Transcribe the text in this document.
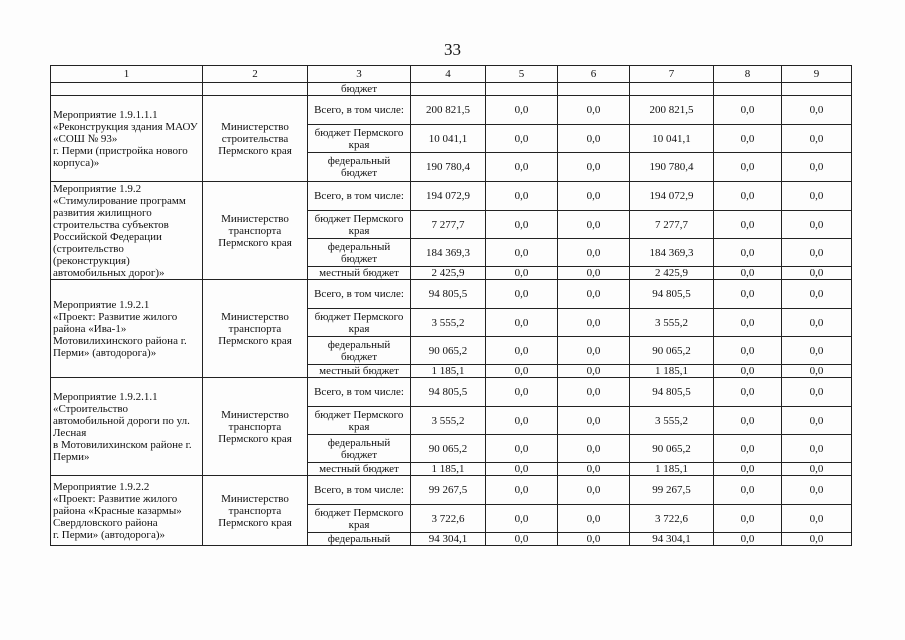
33
1	2	3	4	5	6	7	8	9
		бюджет						
Мероприятие 1.9.1.1.1
«Реконструкция здания МАОУ «СОШ № 93»
г. Перми (пристройка нового корпуса)»	Министерство строительства Пермского края	Всего, в том числе:	200 821,5	0,0	0,0	200 821,5	0,0	0,0
		бюджет Пермского края	10 041,1	0,0	0,0	10 041,1	0,0	0,0
		федеральный бюджет	190 780,4	0,0	0,0	190 780,4	0,0	0,0
Мероприятие 1.9.2
«Стимулирование программ развития жилищного строительства субъектов Российской Федерации (строительство (реконструкция) автомобильных дорог)»	Министерство транспорта Пермского края	Всего, в том числе:	194 072,9	0,0	0,0	194 072,9	0,0	0,0
		бюджет Пермского края	7 277,7	0,0	0,0	7 277,7	0,0	0,0
		федеральный бюджет	184 369,3	0,0	0,0	184 369,3	0,0	0,0
		местный бюджет	2 425,9	0,0	0,0	2 425,9	0,0	0,0
Мероприятие 1.9.2.1
«Проект: Развитие жилого района «Ива-1» Мотовилихинского района г. Перми» (автодорога)»	Министерство транспорта Пермского края	Всего, в том числе:	94 805,5	0,0	0,0	94 805,5	0,0	0,0
		бюджет Пермского края	3 555,2	0,0	0,0	3 555,2	0,0	0,0
		федеральный бюджет	90 065,2	0,0	0,0	90 065,2	0,0	0,0
		местный бюджет	1 185,1	0,0	0,0	1 185,1	0,0	0,0
Мероприятие 1.9.2.1.1
«Строительство автомобильной дороги по ул. Лесная
в Мотовилихинском районе г. Перми»	Министерство транспорта Пермского края	Всего, в том числе:	94 805,5	0,0	0,0	94 805,5	0,0	0,0
		бюджет Пермского края	3 555,2	0,0	0,0	3 555,2	0,0	0,0
		федеральный бюджет	90 065,2	0,0	0,0	90 065,2	0,0	0,0
		местный бюджет	1 185,1	0,0	0,0	1 185,1	0,0	0,0
Мероприятие 1.9.2.2
«Проект: Развитие жилого района «Красные казармы» Свердловского района
г. Перми» (автодорога)»	Министерство транспорта Пермского края	Всего, в том числе:	99 267,5	0,0	0,0	99 267,5	0,0	0,0
		бюджет Пермского края	3 722,6	0,0	0,0	3 722,6	0,0	0,0
		федеральный	94 304,1	0,0	0,0	94 304,1	0,0	0,0
